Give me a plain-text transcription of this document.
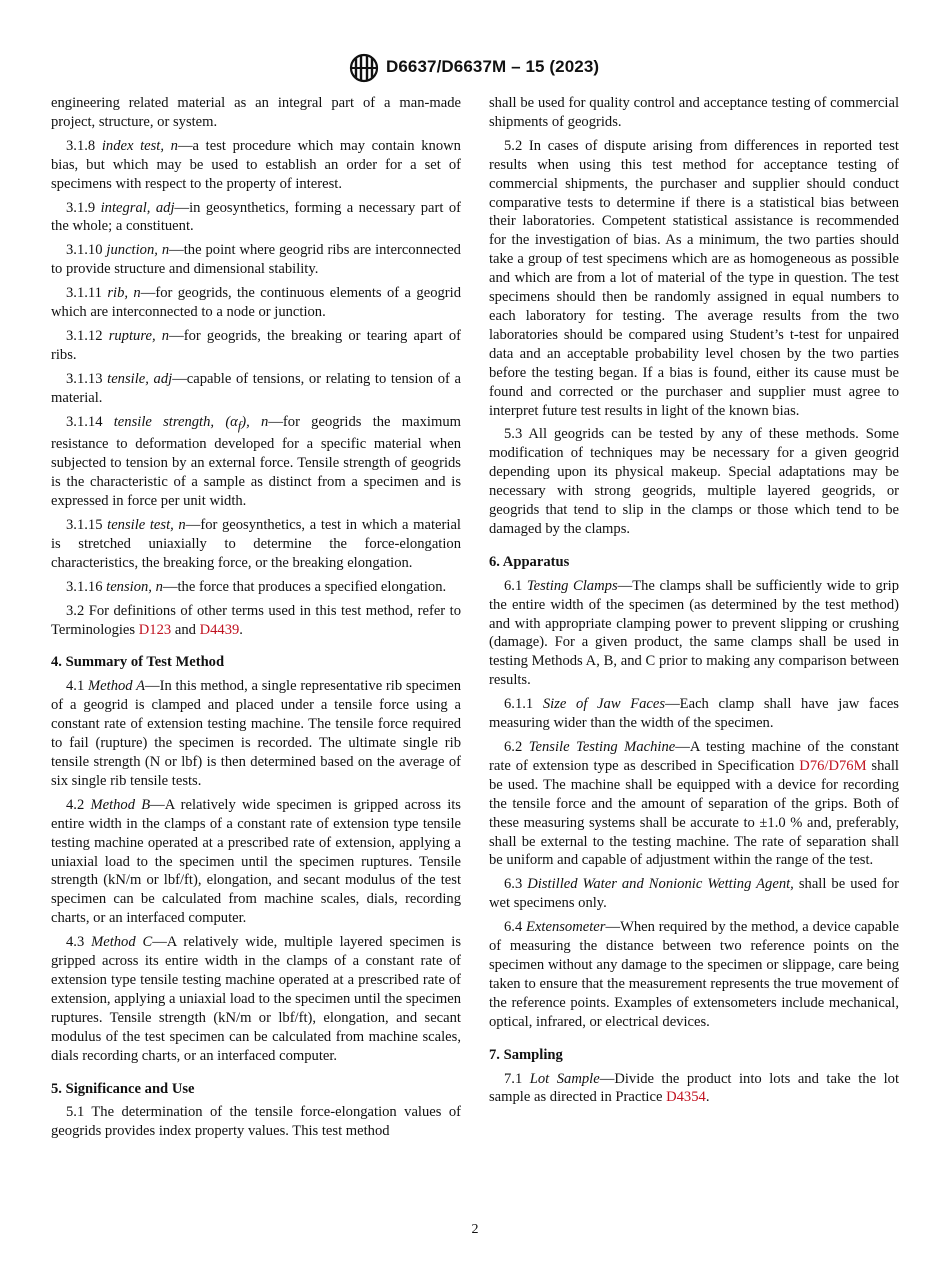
D6637/D6637M – 15 (2023)

engineering related material as an integral part of a man-made project, structure, or system.

3.1.8 index test, n—a test procedure which may contain known bias, but which may be used to establish an order for a set of specimens with respect to the property of interest.

3.1.9 integral, adj—in geosynthetics, forming a necessary part of the whole; a constituent.

3.1.10 junction, n—the point where geogrid ribs are interconnected to provide structure and dimensional stability.

3.1.11 rib, n—for geogrids, the continuous elements of a geogrid which are interconnected to a node or junction.

3.1.12 rupture, n—for geogrids, the breaking or tearing apart of ribs.

3.1.13 tensile, adj—capable of tensions, or relating to tension of a material.

3.1.14 tensile strength, $(\alpha_f)$, n—for geogrids the maximum resistance to deformation developed for a specific material when subjected to tension by an external force. Tensile strength of geogrids is the characteristic of a sample as distinct from a specimen and is expressed in force per unit width.

3.1.15 tensile test, n—for geosynthetics, a test in which a material is stretched uniaxially to determine the force-elongation characteristics, the breaking force, or the breaking elongation.

3.1.16 tension, n—the force that produces a specified elongation.

3.2 For definitions of other terms used in this test method, refer to Terminologies D123 and D4439.

4. Summary of Test Method

4.1 Method A—In this method, a single representative rib specimen of a geogrid is clamped and placed under a tensile force using a constant rate of extension testing machine. The tensile force required to fail (rupture) the specimen is recorded. The ultimate single rib tensile strength (N or lbf) is then determined based on the average of six single rib tensile tests.

4.2 Method B—A relatively wide specimen is gripped across its entire width in the clamps of a constant rate of extension type tensile testing machine operated at a prescribed rate of extension, applying a uniaxial load to the specimen until the specimen ruptures. Tensile strength (kN/m or lbf/ft), elongation, and secant modulus of the test specimen can be calculated from machine scales, dials, recording charts, or an interfaced computer.

4.3 Method C—A relatively wide, multiple layered specimen is gripped across its entire width in the clamps of a constant rate of extension type tensile testing machine operated at a prescribed rate of extension, applying a uniaxial load to the specimen until the specimen ruptures. Tensile strength (kN/m or lbf/ft), elongation, and secant modulus of the test specimen can be calculated from machine scales, dials recording charts, or an interfaced computer.

5. Significance and Use

5.1 The determination of the tensile force-elongation values of geogrids provides index property values. This test method

shall be used for quality control and acceptance testing of commercial shipments of geogrids.

5.2 In cases of dispute arising from differences in reported test results when using this test method for acceptance testing of commercial shipments, the purchaser and supplier should conduct comparative tests to determine if there is a statistical bias between their laboratories. Competent statistical assistance is recommended for the investigation of bias. As a minimum, the two parties should take a group of test specimens which are as homogeneous as possible and which are from a lot of material of the type in question. The test specimens should then be randomly assigned in equal numbers to each laboratory for testing. The average results from the two laboratories should be compared using Student’s t-test for unpaired data and an acceptable probability level chosen by the two parties before the testing began. If a bias is found, either its cause must be found and corrected or the purchaser and supplier must agree to interpret future test results in light of the known bias.

5.3 All geogrids can be tested by any of these methods. Some modification of techniques may be necessary for a given geogrid depending upon its physical makeup. Special adaptations may be necessary with strong geogrids, multiple layered geogrids, or geogrids that tend to slip in the clamps or those which tend to be damaged by the clamps.

6. Apparatus

6.1 Testing Clamps—The clamps shall be sufficiently wide to grip the entire width of the specimen (as determined by the test method) and with appropriate clamping power to prevent slipping or crushing (damage). For a given product, the same clamps shall be used in testing Methods A, B, and C prior to making any comparison between results.

6.1.1 Size of Jaw Faces—Each clamp shall have jaw faces measuring wider than the width of the specimen.

6.2 Tensile Testing Machine—A testing machine of the constant rate of extension type as described in Specification D76/D76M shall be used. The machine shall be equipped with a device for recording the tensile force and the amount of separation of the grips. Both of these measuring systems shall be accurate to ±1.0 % and, preferably, shall be external to the testing machine. The rate of separation shall be uniform and capable of adjustment within the range of the test.

6.3 Distilled Water and Nonionic Wetting Agent, shall be used for wet specimens only.

6.4 Extensometer—When required by the method, a device capable of measuring the distance between two reference points on the specimen without any damage to the specimen or slippage, care being taken to ensure that the measurement represents the true movement of the reference points. Examples of extensometers include mechanical, optical, infrared, or electrical devices.

7. Sampling

7.1 Lot Sample—Divide the product into lots and take the lot sample as directed in Practice D4354.

2
